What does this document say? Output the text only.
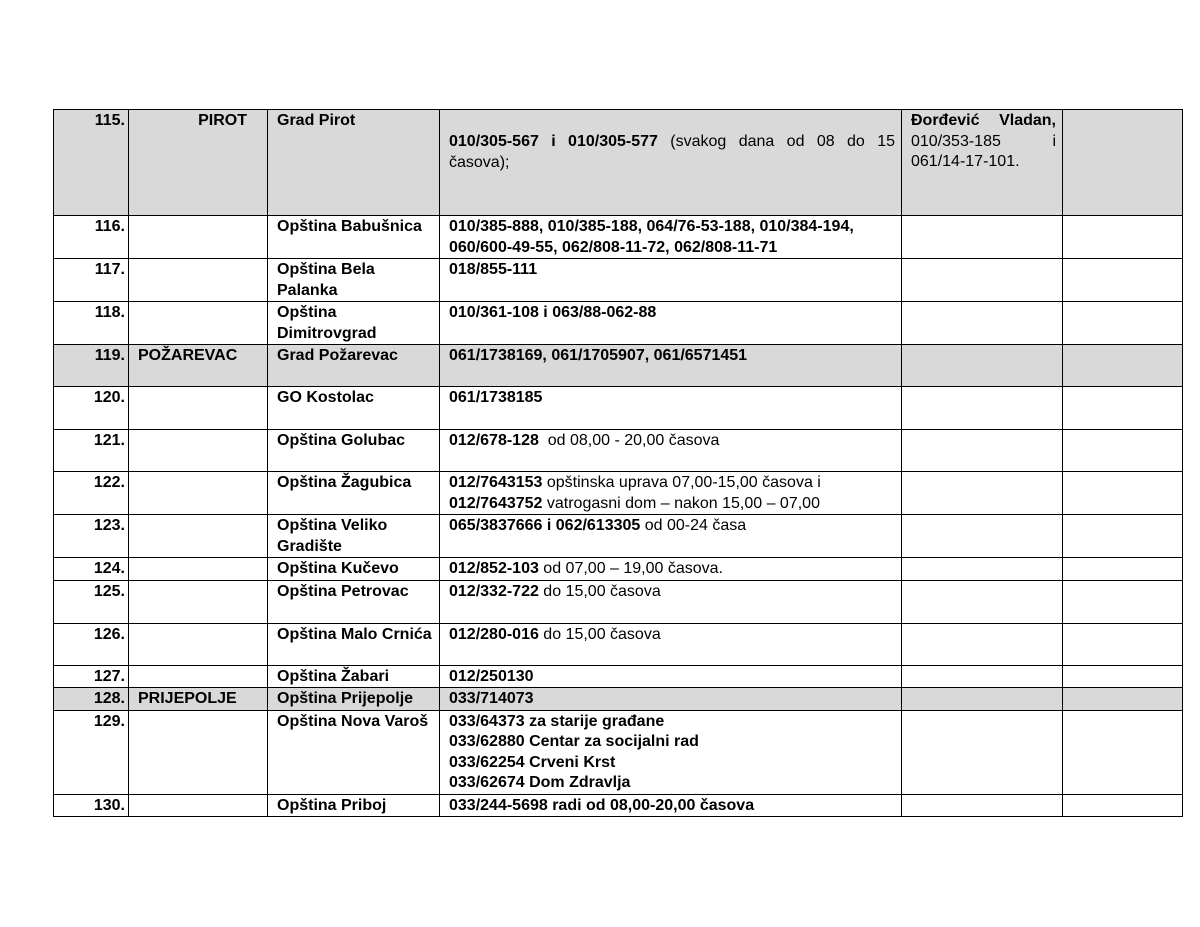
115.	PIROT	Grad Pirot	010/305-567 i 010/305-577 (svakog dana od 08 do 15 časova);	Đorđević Vladan, 010/353-185 i 061/14-17-101.	
116.		Opština Babušnica	010/385-888, 010/385-188, 064/76-53-188, 010/384-194, 060/600-49-55, 062/808-11-72, 062/808-11-71		
117.		Opština Bela Palanka	018/855-111		
118.		Opština Dimitrovgrad	010/361-108 i 063/88-062-88		
119.	POŽAREVAC	Grad Požarevac	061/1738169, 061/1705907, 061/6571451		
120.		GO Kostolac	061/1738185		
121.		Opština Golubac	012/678-128  od 08,00 - 20,00 časova		
122.		Opština Žagubica	012/7643153 opštinska uprava 07,00-15,00 časova i
012/7643752 vatrogasni dom – nakon 15,00 – 07,00		

123.		Opština Veliko Gradište	065/3837666 i 062/613305 od 00-24 časa		
124.		Opština Kučevo	012/852-103 od 07,00 – 19,00 časova.		
125.		Opština Petrovac	012/332-722 do 15,00 časova		
126.		Opština Malo Crnića	012/280-016 do 15,00 časova		
127.		Opština Žabari	012/250130		
128.	PRIJEPOLJE	Opština Prijepolje	033/714073		
129.		Opština Nova Varoš	033/64373 za starije građane
033/62880 Centar za socijalni rad
033/62254 Crveni Krst
033/62674 Dom Zdravlja		

130.		Opština Priboj	033/244-5698 radi od 08,00-20,00 časova		
